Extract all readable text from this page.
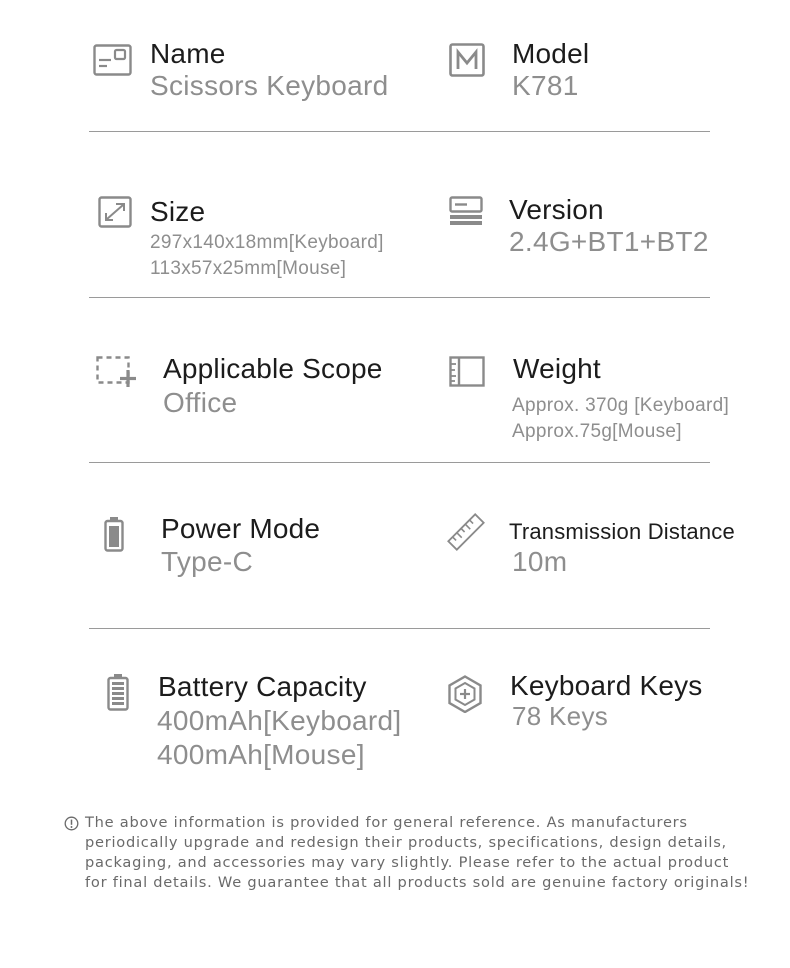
Name
Scissors Keyboard
Model
K781
Size
297x140x18mm[Keyboard]
113x57x25mm[Mouse]
Version
2.4G+BT1+BT2
Applicable Scope
Office
Weight
Approx. 370g [Keyboard]
Approx.75g[Mouse]
Power Mode
Type-C
Transmission Distance
10m
Battery Capacity
400mAh[Keyboard]
400mAh[Mouse]
Keyboard Keys
78 Keys
The above information is provided for general reference. As manufacturers
periodically upgrade and redesign their products, specifications, design details,
packaging, and accessories may vary slightly. Please refer to the actual product
for final details. We guarantee that all products sold are genuine factory originals!
